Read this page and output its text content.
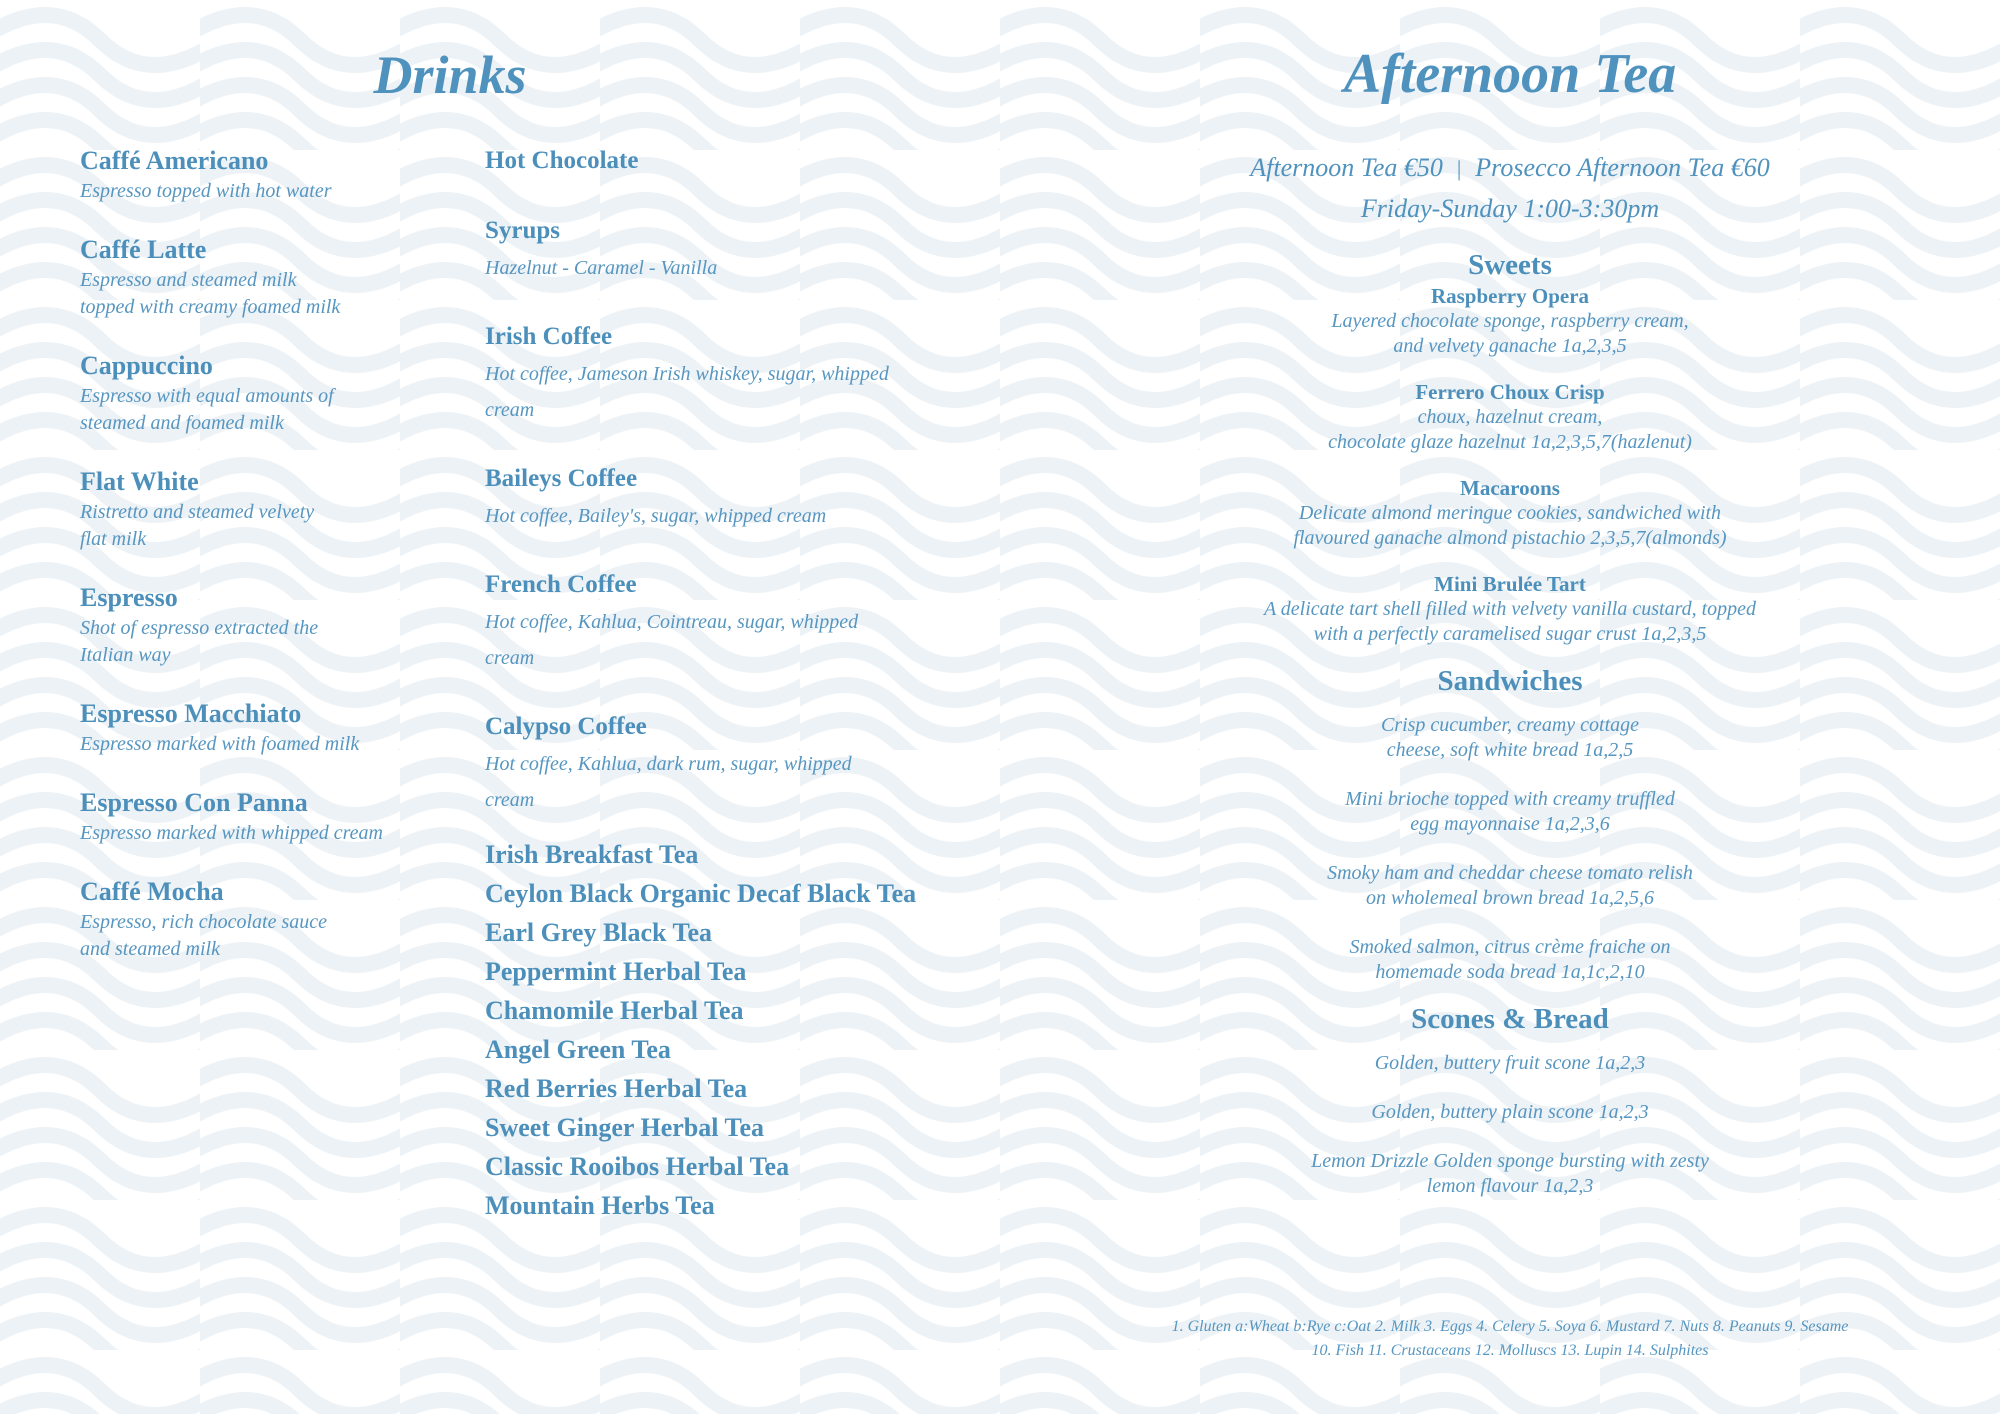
Drinks

Caffé Americano

Espresso topped with hot water

Caffé Latte

Espresso and steamed milk

topped with creamy foamed milk

Cappuccino

Espresso with equal amounts of

steamed and foamed milk

Flat White

Ristretto and steamed velvety

flat milk

Espresso

Shot of espresso extracted the

Italian way

Espresso Macchiato

Espresso marked with foamed milk

Espresso Con Panna

Espresso marked with whipped cream

Caffé Mocha

Espresso, rich chocolate sauce

and steamed milk

Hot Chocolate

Syrups

Hazelnut - Caramel - Vanilla

Irish Coffee

Hot coffee, Jameson Irish whiskey, sugar, whipped

cream

Baileys Coffee

Hot coffee, Bailey's, sugar, whipped cream

French Coffee

Hot coffee, Kahlua, Cointreau, sugar, whipped

cream

Calypso Coffee

Hot coffee, Kahlua, dark rum, sugar, whipped

cream

Irish Breakfast Tea

Ceylon Black Organic Decaf Black Tea

Earl Grey Black Tea

Peppermint Herbal Tea

Chamomile Herbal Tea

Angel Green Tea

Red Berries Herbal Tea

Sweet Ginger Herbal Tea

Classic Rooibos Herbal Tea

Mountain Herbs Tea

Afternoon Tea

Afternoon Tea €50 | Prosecco Afternoon Tea €60

Friday-Sunday 1:00-3:30pm

Sweets

Raspberry Opera

Layered chocolate sponge, raspberry cream,

and velvety ganache 1a,2,3,5

Ferrero Choux Crisp

choux, hazelnut cream,

chocolate glaze hazelnut 1a,2,3,5,7(hazlenut)

Macaroons

Delicate almond meringue cookies, sandwiched with

flavoured ganache almond pistachio 2,3,5,7(almonds)

Mini Brulée Tart

A delicate tart shell filled with velvety vanilla custard, topped

with a perfectly caramelised sugar crust 1a,2,3,5

Sandwiches

Crisp cucumber, creamy cottage

cheese, soft white bread 1a,2,5

Mini brioche topped with creamy truffled

egg mayonnaise 1a,2,3,6

Smoky ham and cheddar cheese tomato relish

on wholemeal brown bread 1a,2,5,6

Smoked salmon, citrus crème fraiche on

homemade soda bread 1a,1c,2,10

Scones & Bread

Golden, buttery fruit scone 1a,2,3

Golden, buttery plain scone 1a,2,3

Lemon Drizzle Golden sponge bursting with zesty

lemon flavour 1a,2,3

1. Gluten a:Wheat b:Rye c:Oat 2. Milk 3. Eggs 4. Celery 5. Soya 6. Mustard 7. Nuts 8. Peanuts 9. Sesame
10. Fish 11. Crustaceans 12. Molluscs 13. Lupin 14. Sulphites
